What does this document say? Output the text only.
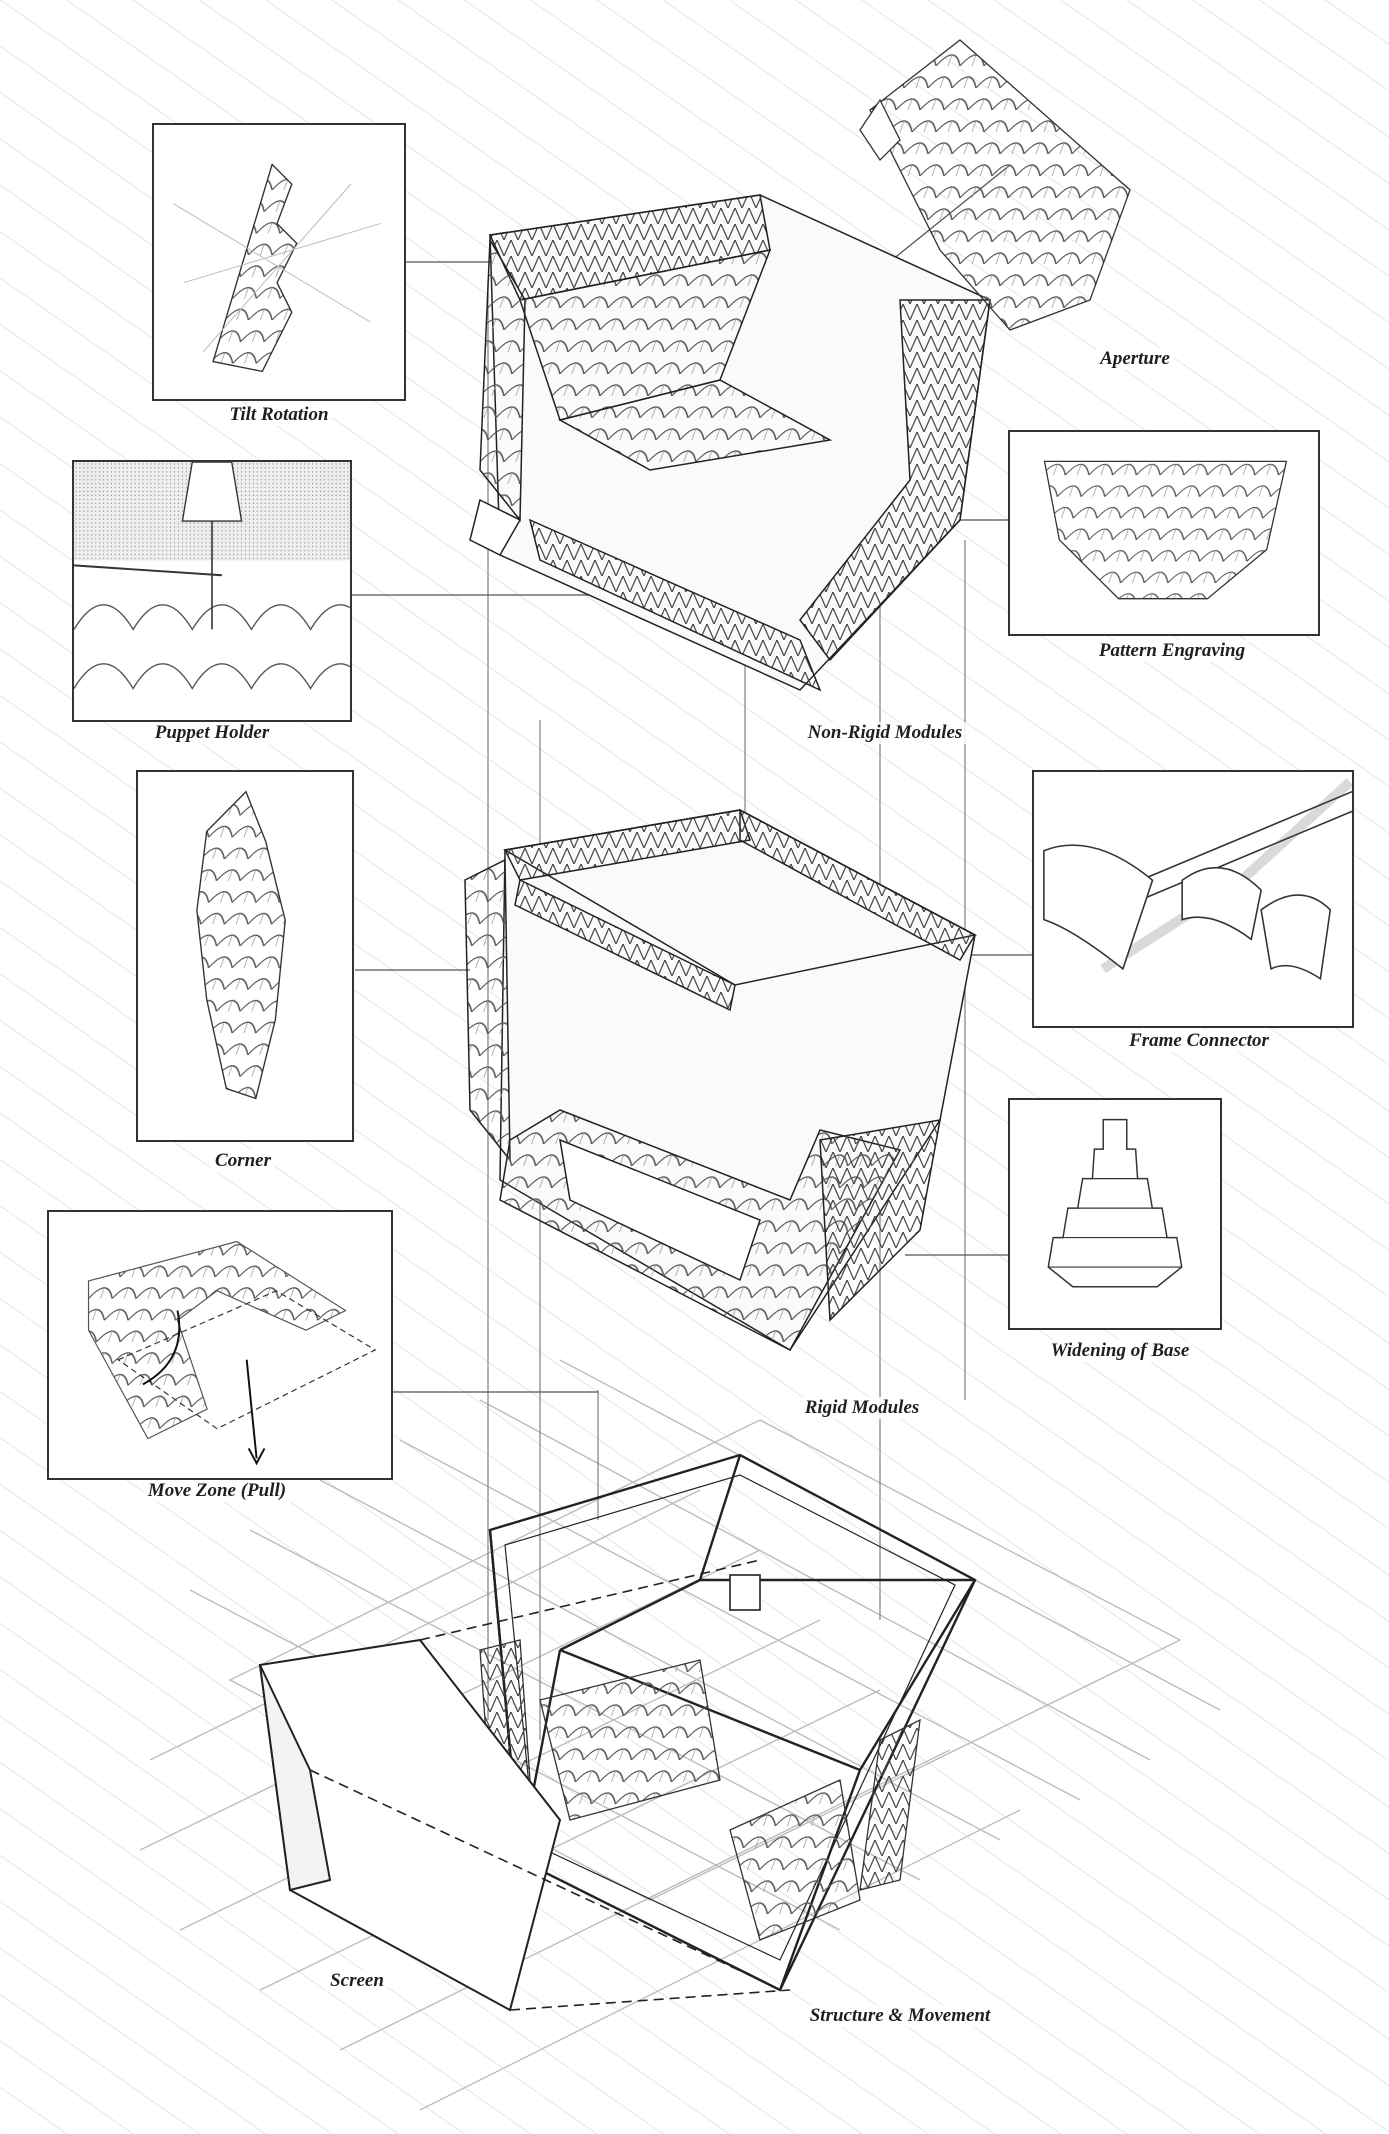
Tilt Rotation
Aperture
Pattern Engraving
Puppet Holder	Non-Rigid Modules
Corner
Frame Connector
Widening of Base
Rigid Modules
Move Zone (Pull)
Screen
Structure & Movement
